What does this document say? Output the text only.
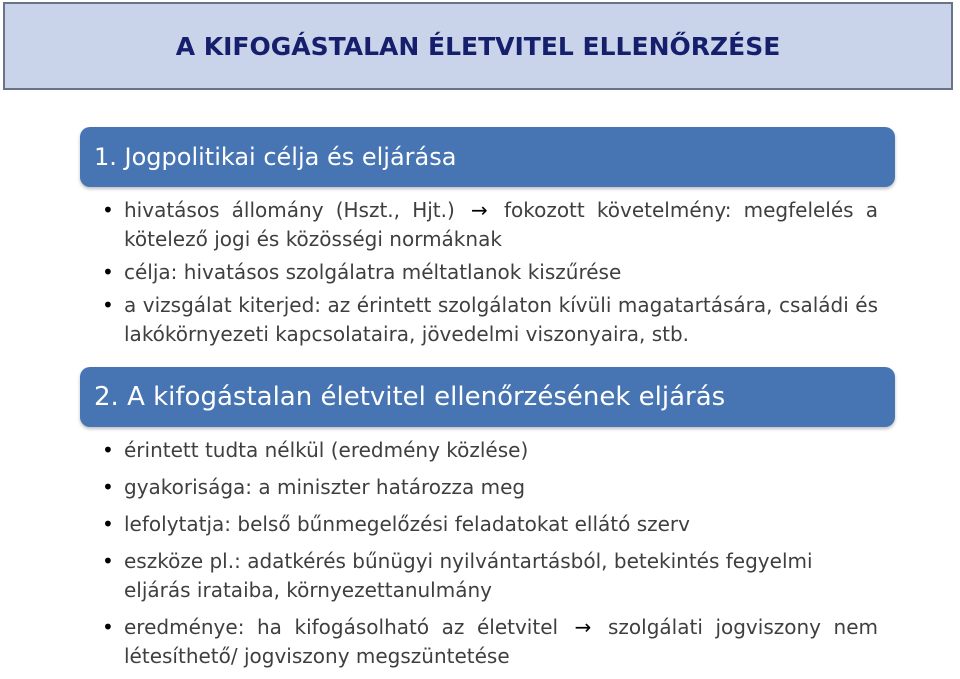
A KIFOGÁSTALAN ÉLETVITEL ELLENŐRZÉSE
1. Jogpolitikai célja és eljárása
• hivatásos állomány (Hszt., Hjt.) → fokozott követelmény: megfelelés a kötelező jogi és közösségi normáknak
• célja: hivatásos szolgálatra méltatlanok kiszűrése
• a vizsgálat kiterjed: az érintett szolgálaton kívüli magatartására, családi és lakókörnyezeti kapcsolataira, jövedelmi viszonyaira, stb.
2. A kifogástalan életvitel ellenőrzésének eljárás
• érintett tudta nélkül (eredmény közlése)
• gyakorisága: a miniszter határozza meg
• lefolytatja: belső bűnmegelőzési feladatokat ellátó szerv
• eszköze pl.: adatkérés bűnügyi nyilvántartásból, betekintés fegyelmi eljárás irataiba, környezettanulmány
• eredménye: ha kifogásolható az életvitel → szolgálati jogviszony nem létesíthető/ jogviszony megszüntetése
